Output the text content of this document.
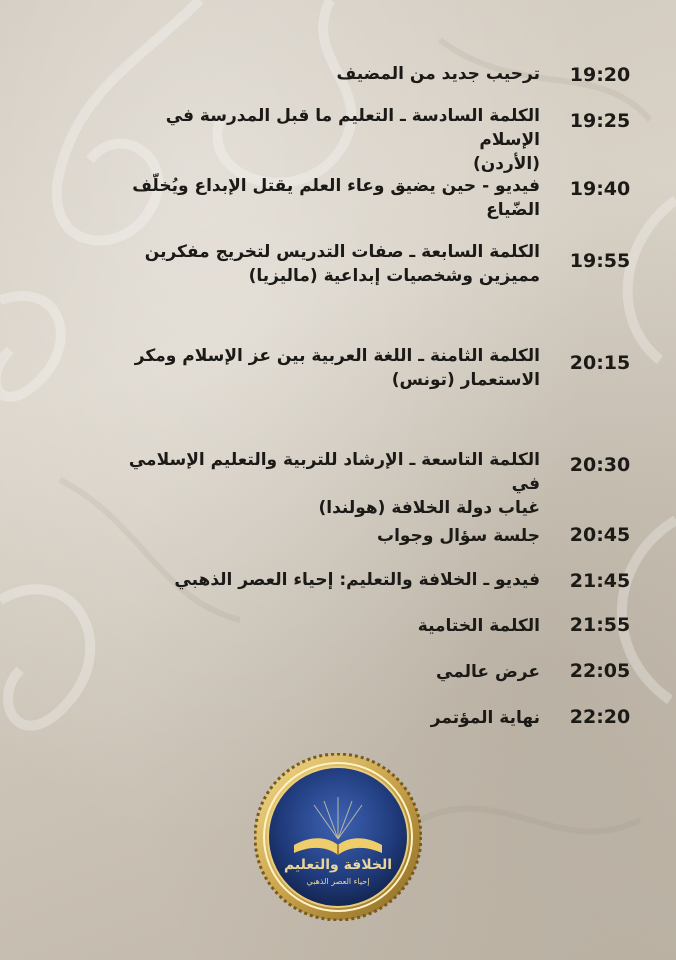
19:20
ترحيب جديد من المضيف
19:25
الكلمة السادسة ـ التعليم ما قبل المدرسة في الإسلام
(الأردن)
19:40
فيديو - حين يضيق وعاء العلم يقتل الإبداع ويُخلّف الضّياع
19:55
الكلمة السابعة ـ صفات التدريس لتخريج مفكرين
مميزين وشخصيات إبداعية (ماليزيا)
20:15
الكلمة الثامنة ـ اللغة العربية بين عز الإسلام ومكر
الاستعمار (تونس)
20:30
الكلمة التاسعة ـ الإرشاد للتربية والتعليم الإسلامي في
غياب دولة الخلافة (هولندا)
20:45
جلسة سؤال وجواب
21:45
فيديو ـ الخلافة والتعليم: إحياء العصر الذهبي
21:55
الكلمة الختامية
22:05
عرض عالمي
22:20
نهاية المؤتمر
الخلافة والتعليم
إحياء العصر الذهبي
